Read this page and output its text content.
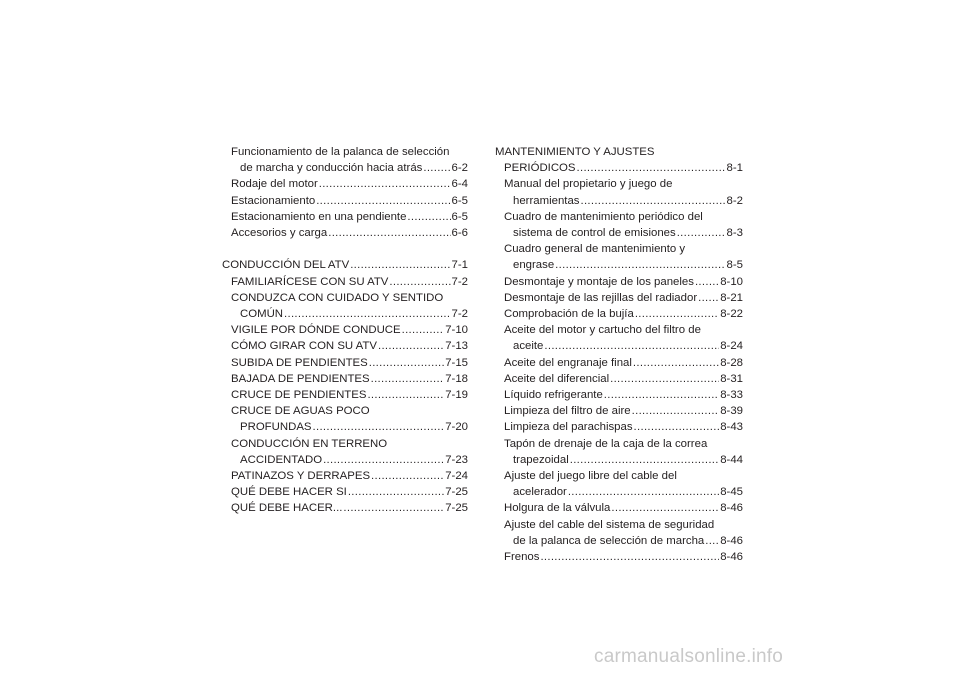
Funcionamiento de la palanca de selección
de marcha y conducción hacia atrás .....	6-2
Rodaje del motor .....	6-4
Estacionamiento .....	6-5
Estacionamiento en una pendiente .....	6-5
Accesorios y carga .....	6-6
CONDUCCIÓN DEL ATV .....	7-1
FAMILIARÍCESE CON SU ATV .....	7-2
CONDUZCA CON CUIDADO Y SENTIDO
COMÚN .....	7-2
VIGILE POR DÓNDE CONDUCE .....	7-10
CÓMO GIRAR CON SU ATV .....	7-13
SUBIDA DE PENDIENTES .....	7-15
BAJADA DE PENDIENTES .....	7-18
CRUCE DE PENDIENTES .....	7-19
CRUCE DE AGUAS POCO
PROFUNDAS .....	7-20
CONDUCCIÓN EN TERRENO
ACCIDENTADO .....	7-23
PATINAZOS Y DERRAPES .....	7-24
QUÉ DEBE HACER SI .....	7-25
QUÉ DEBE HACER... .....	7-25
MANTENIMIENTO Y AJUSTES
PERIÓDICOS .....	8-1
Manual del propietario y juego de
herramientas .....	8-2
Cuadro de mantenimiento periódico del
sistema de control de emisiones .....	8-3
Cuadro general de mantenimiento y
engrase .....	8-5
Desmontaje y montaje de los paneles ..... 8-10
Desmontaje de las rejillas del radiador ..... 8-21
Comprobación de la bujía .....	8-22
Aceite del motor y cartucho del filtro de
aceite .....	8-24
Aceite del engranaje final .....	8-28
Aceite del diferencial .....	8-31
Líquido refrigerante .....	8-33
Limpieza del filtro de aire .....	8-39
Limpieza del parachispas .....	8-43
Tapón de drenaje de la caja de la correa
trapezoidal .....	8-44
Ajuste del juego libre del cable del
acelerador .....	8-45
Holgura de la válvula .....	8-46
Ajuste del cable del sistema de seguridad
de la palanca de selección de marcha ..... 8-46
Frenos .....	8-46
carmanualsonline.info
